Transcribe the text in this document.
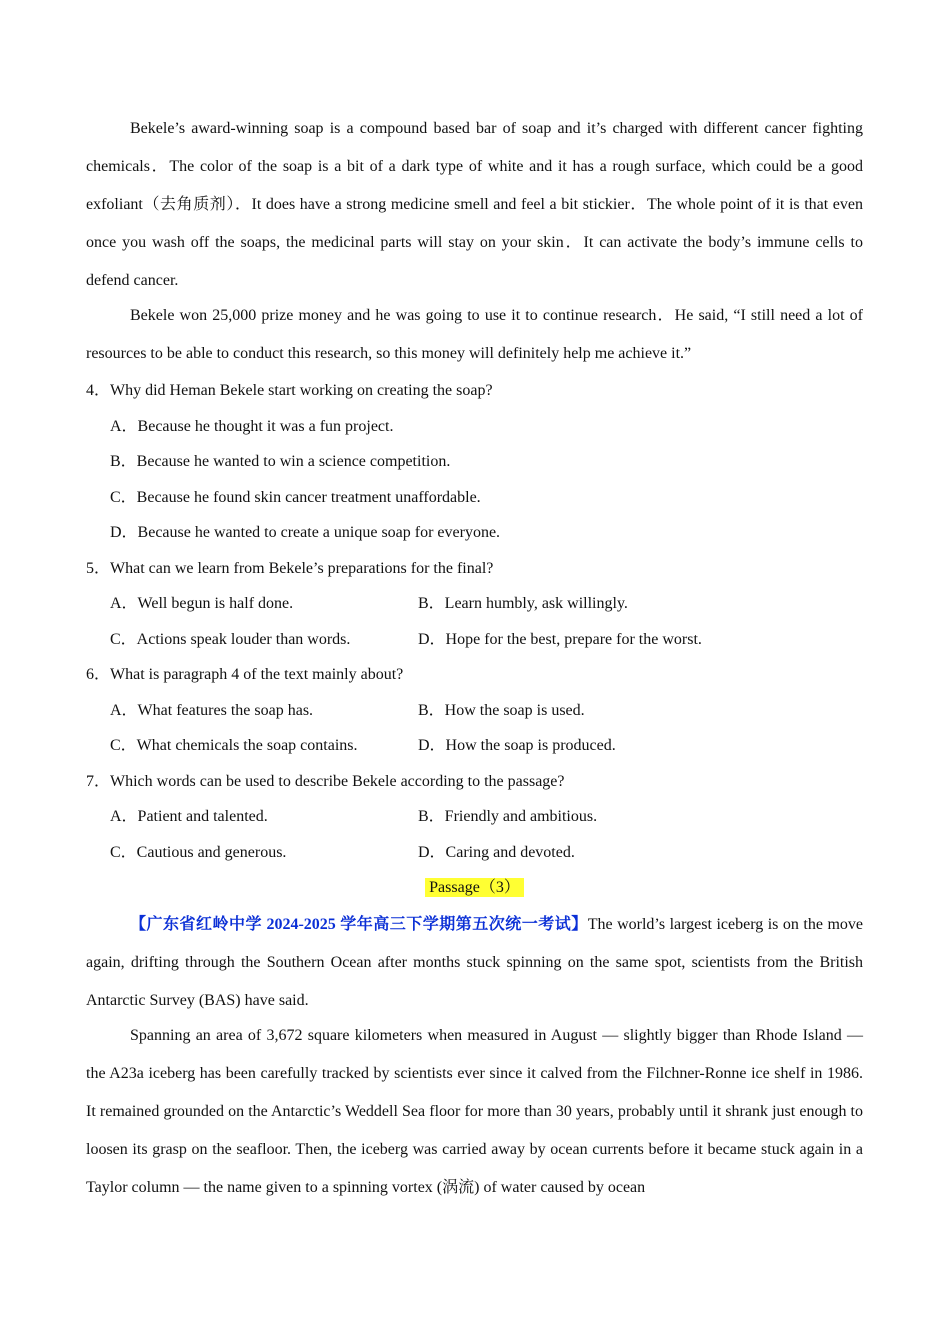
Bekele’s award-winning soap is a compound based bar of soap and it’s charged with different cancer fighting chemicals．The color of the soap is a bit of a dark type of white and it has a rough surface, which could be a good exfoliant（去角质剂）．It does have a strong medicine smell and feel a bit stickier．The whole point of it is that even once you wash off the soaps, the medicinal parts will stay on your skin．It can activate the body’s immune cells to defend cancer.

Bekele won 25,000 prize money and he was going to use it to continue research．He said, “I still need a lot of resources to be able to conduct this research, so this money will definitely help me achieve it.”

4．Why did Heman Bekele start working on creating the soap?

A．Because he thought it was a fun project.
B．Because he wanted to win a science competition.
C．Because he found skin cancer treatment unaffordable.
D．Because he wanted to create a unique soap for everyone.

5．What can we learn from Bekele’s preparations for the final?

A．Well begun is half done.	B．Learn humbly, ask willingly.
C．Actions speak louder than words.	D．Hope for the best, prepare for the worst.

6．What is paragraph 4 of the text mainly about?

A．What features the soap has.	B．How the soap is used.
C．What chemicals the soap contains.	D．How the soap is produced.

7．Which words can be used to describe Bekele according to the passage?

A．Patient and talented.	B．Friendly and ambitious.
C．Cautious and generous.	D．Caring and devoted.

Passage（3）

【广东省红岭中学 2024-2025 学年高三下学期第五次统一考试】The world’s largest iceberg is on the move again, drifting through the Southern Ocean after months stuck spinning on the same spot, scientists from the British Antarctic Survey (BAS) have said.

Spanning an area of 3,672 square kilometers when measured in August — slightly bigger than Rhode Island — the A23a iceberg has been carefully tracked by scientists ever since it calved from the Filchner-Ronne ice shelf in 1986. It remained grounded on the Antarctic’s Weddell Sea floor for more than 30 years, probably until it shrank just enough to loosen its grasp on the seafloor. Then, the iceberg was carried away by ocean currents before it became stuck again in a Taylor column — the name given to a spinning vortex (涡流) of water caused by ocean
